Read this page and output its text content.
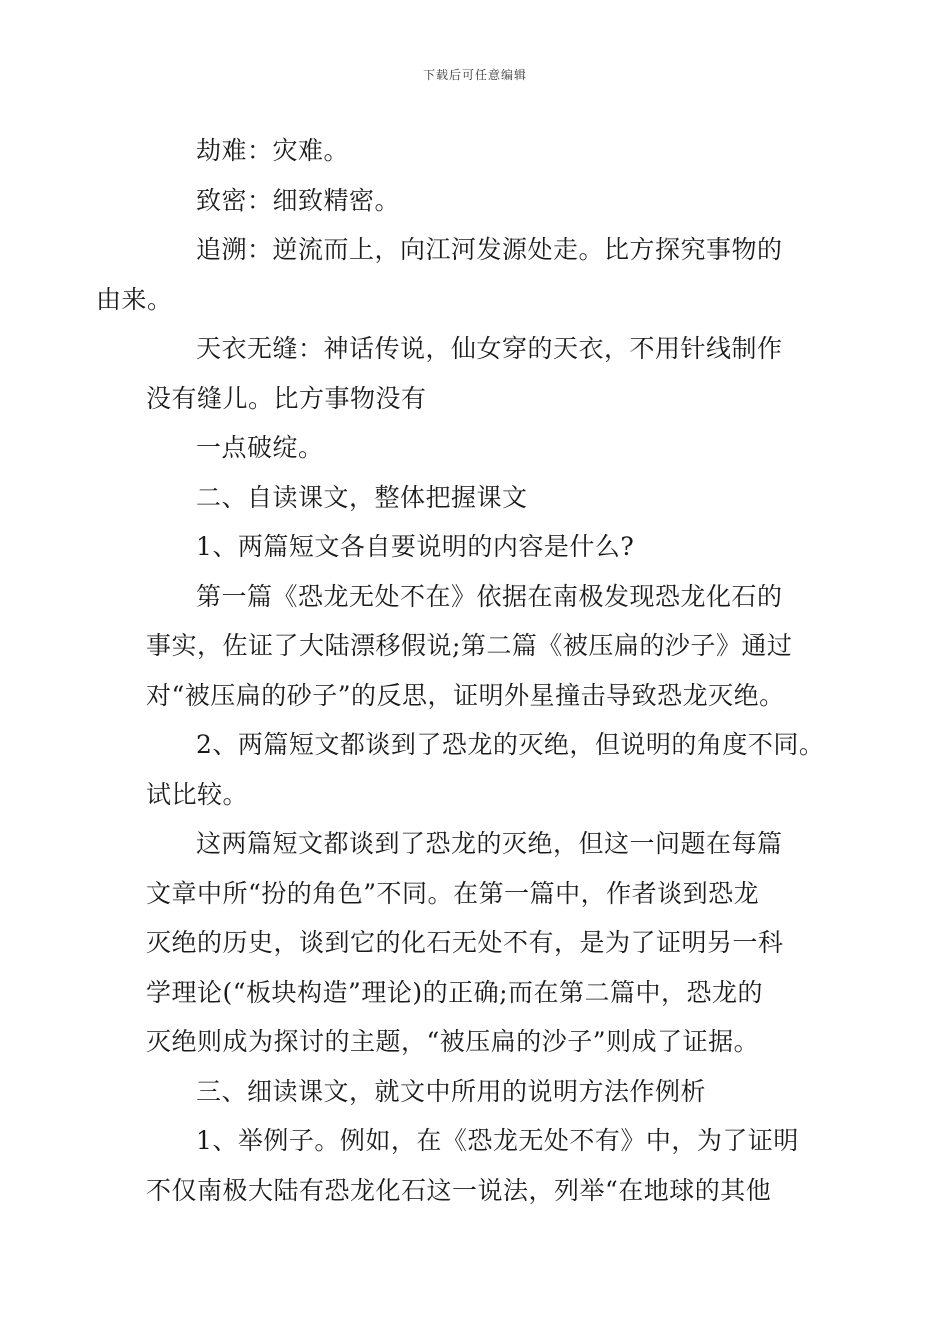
下载后可任意编辑

劫难：灾难。

致密：细致精密。

追溯：逆流而上，向江河发源处走。比方探究事物的
由来。

天衣无缝：神话传说，仙女穿的天衣，不用针线制作
没有缝儿。比方事物没有

一点破绽。

二、自读课文，整体把握课文

1、两篇短文各自要说明的内容是什么?

第一篇《恐龙无处不在》依据在南极发现恐龙化石的
事实，佐证了大陆漂移假说;第二篇《被压扁的沙子》通过
对“被压扁的砂子”的反思，证明外星撞击导致恐龙灭绝。

2、两篇短文都谈到了恐龙的灭绝，但说明的角度不同。
试比较。

这两篇短文都谈到了恐龙的灭绝，但这一问题在每篇
文章中所“扮的角色”不同。在第一篇中，作者谈到恐龙
灭绝的历史，谈到它的化石无处不有，是为了证明另一科
学理论(“板块构造”理论)的正确;而在第二篇中，恐龙的
灭绝则成为探讨的主题，“被压扁的沙子”则成了证据。

三、细读课文，就文中所用的说明方法作例析

1、举例子。例如，在《恐龙无处不有》中，为了证明
不仅南极大陆有恐龙化石这一说法，列举“在地球的其他
